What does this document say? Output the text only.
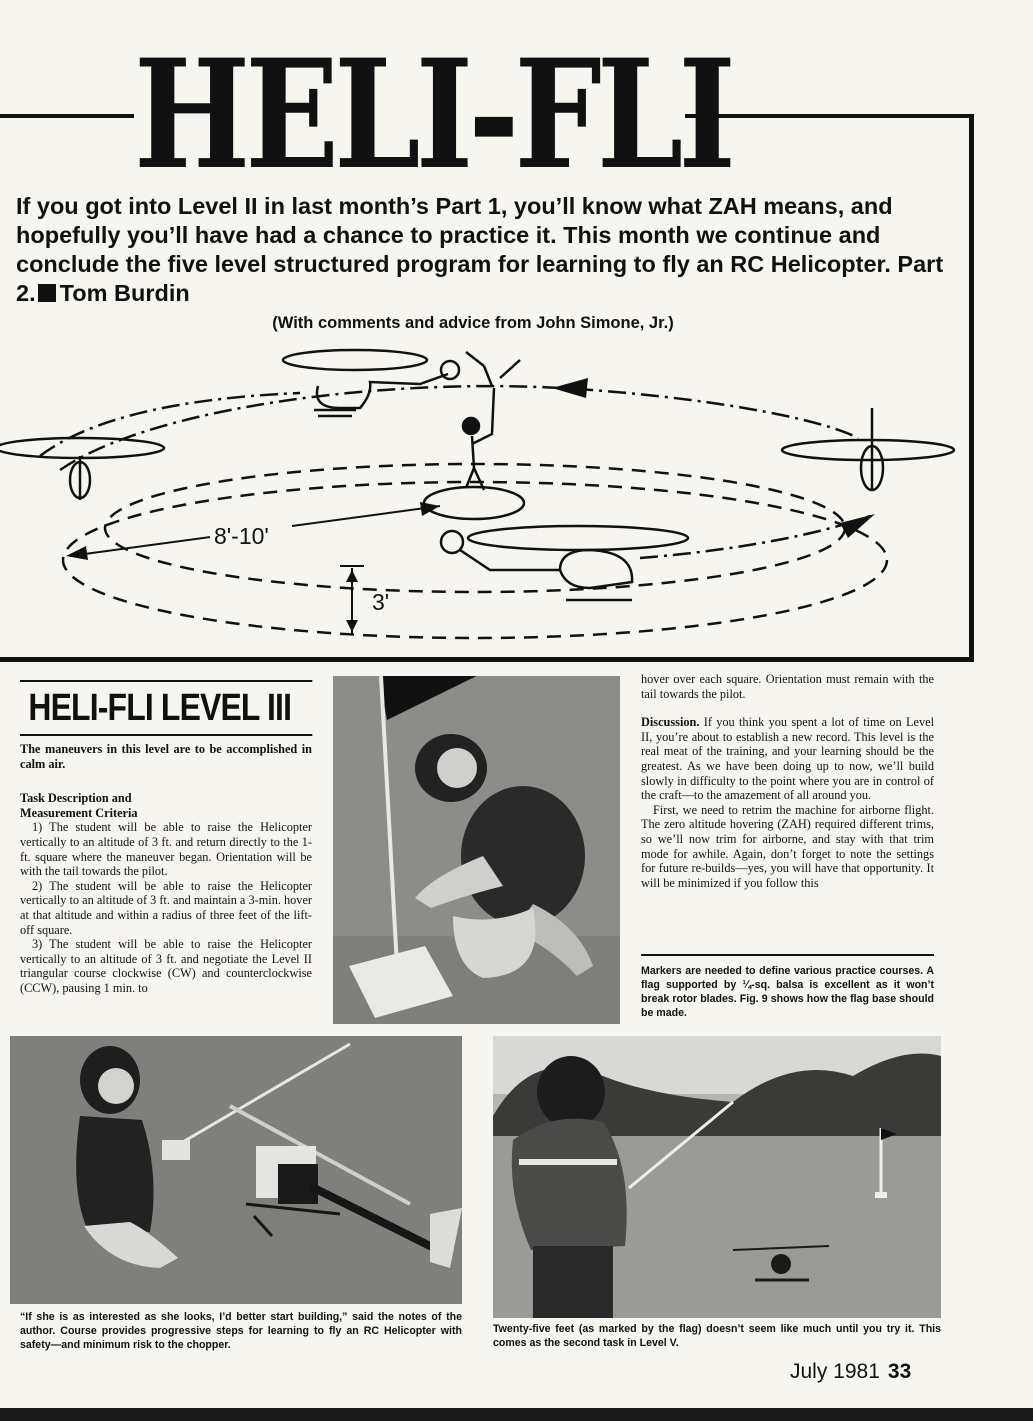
HELI-FLI
If you got into Level II in last month’s Part 1, you’ll know what ZAH means, and hopefully you’ll have had a chance to practice it. This month we continue and conclude the five level structured program for learning to fly an RC Helicopter. Part 2. Tom Burdin
(With comments and advice from John Simone, Jr.)
8'-10'
3'
HELI-FLI LEVEL III

The maneuvers in this level are to be accomplished in calm air.

Task Description and

Measurement Criteria

1) The student will be able to raise the Helicopter vertically to an altitude of 3 ft. and return directly to the 1-ft. square where the maneuver began. Orientation will be with the tail towards the pilot.

2) The student will be able to raise the Helicopter vertically to an altitude of 3 ft. and maintain a 3-min. hover at that altitude and within a radius of three feet of the lift-off square.

3) The student will be able to raise the Helicopter vertically to an altitude of 3 ft. and negotiate the Level II triangular course clockwise (CW) and counterclockwise (CCW), pausing 1 min. to

hover over each square. Orientation must remain with the tail towards the pilot.

Discussion. If you think you spent a lot of time on Level II, you’re about to establish a new record. This level is the real meat of the training, and your learning should be the greatest. As we have been doing up to now, we’ll build slowly in difficulty to the point where you are in control of the craft—to the amazement of all around you.

First, we need to retrim the machine for airborne flight. The zero altitude hovering (ZAH) required different trims, so we’ll now trim for airborne, and stay with that trim mode for awhile. Again, don’t forget to note the settings for future re-builds—yes, you will have that opportunity. It will be minimized if you follow this

Markers are needed to define various practice courses. A flag supported by ¼-sq. balsa is excellent as it won’t break rotor blades. Fig. 9 shows how the flag base should be made.
“If she is as interested as she looks, I’d better start building,” said the notes of the author. Course provides progressive steps for learning to fly an RC Helicopter with safety—and minimum risk to the chopper.
Twenty-five feet (as marked by the flag) doesn’t seem like much until you try it. This comes as the second task in Level V.
July 1981 33
